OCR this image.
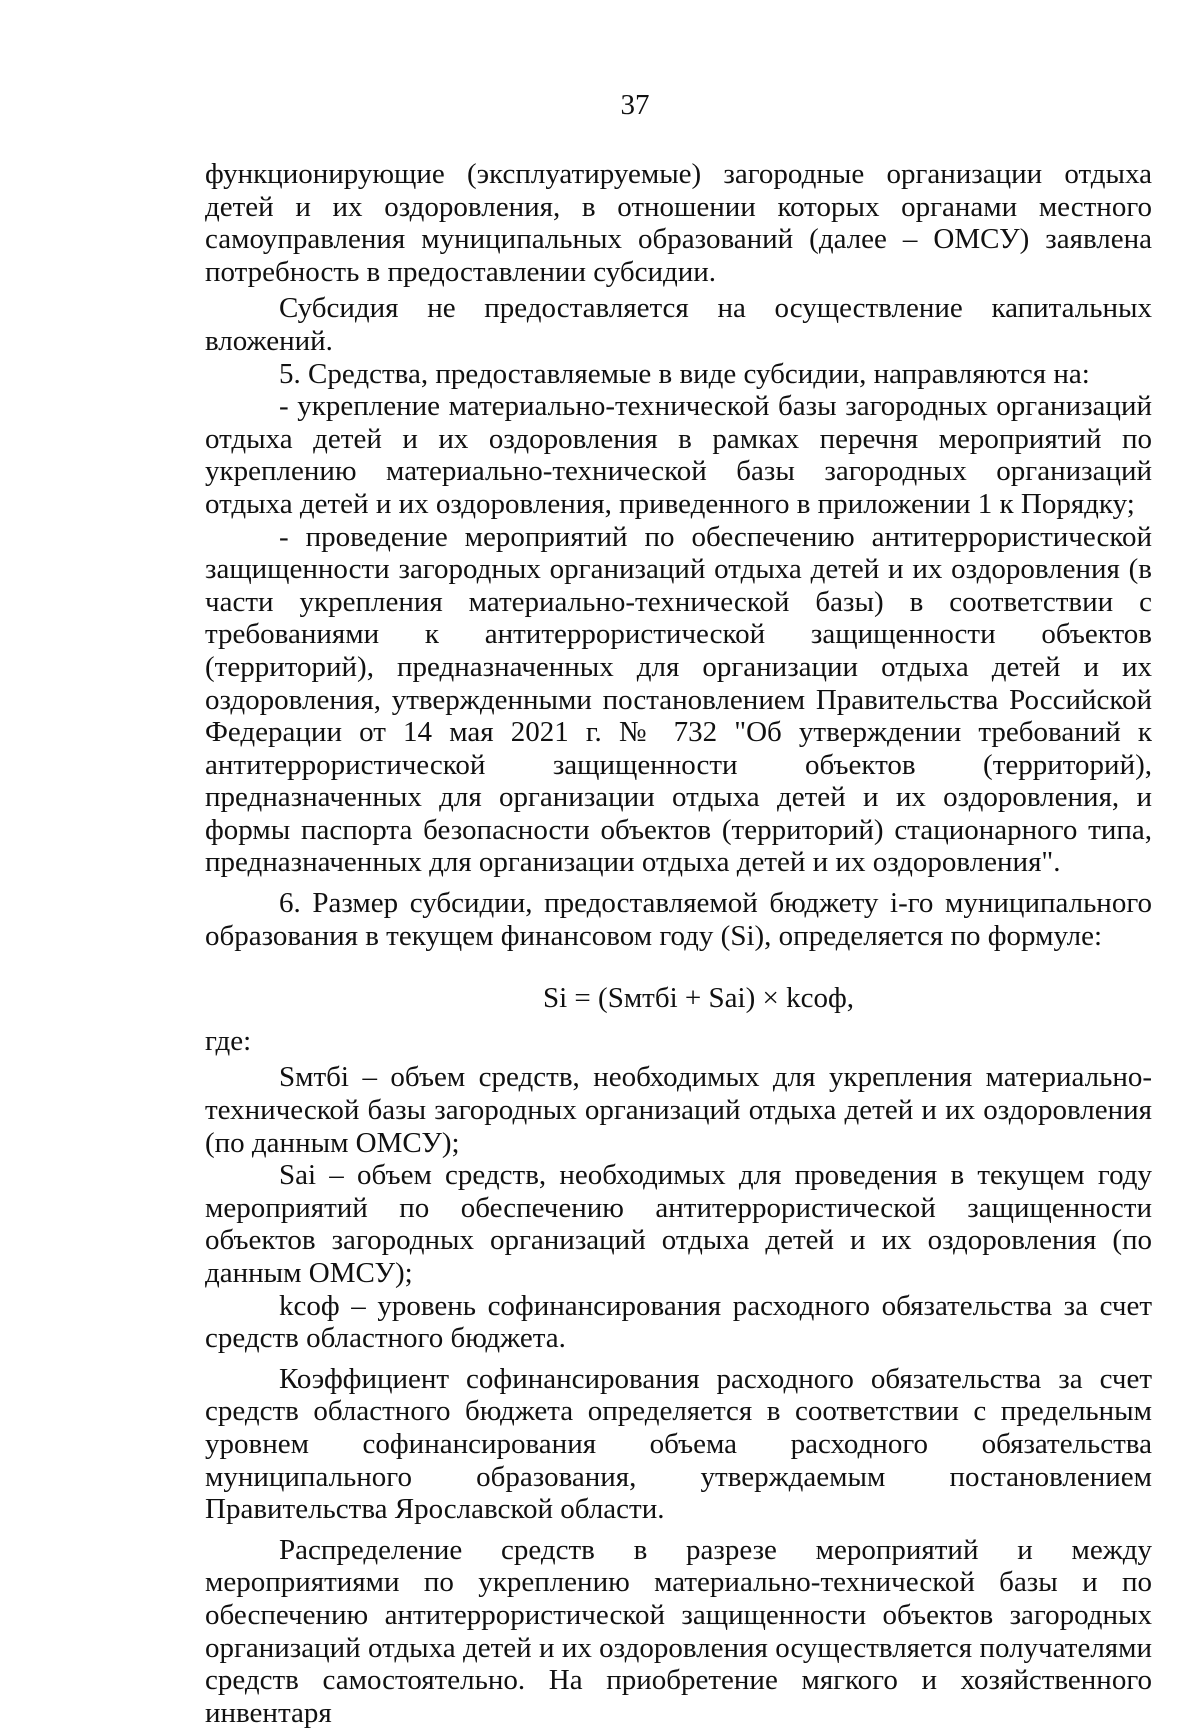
37

функционирующие (эксплуатируемые) загородные организации отдыха детей и их оздоровления, в отношении которых органами местного самоуправления муниципальных образований (далее – ОМСУ) заявлена потребность в предоставлении субсидии.

Субсидия не предоставляется на осуществление капитальных вложений.

5. Средства, предоставляемые в виде субсидии, направляются на:

- укрепление материально-технической базы загородных организаций отдыха детей и их оздоровления в рамках перечня мероприятий по укреплению материально-технической базы загородных организаций отдыха детей и их оздоровления, приведенного в приложении 1 к Порядку;

- проведение мероприятий по обеспечению антитеррористической защищенности загородных организаций отдыха детей и их оздоровления (в части укрепления материально-технической базы) в соответствии с требованиями к антитеррористической защищенности объектов (территорий), предназначенных для организации отдыха детей и их оздоровления, утвержденными постановлением Правительства Российской Федерации от 14 мая 2021 г. № 732 "Об утверждении требований к антитеррористической защищенности объектов (территорий), предназначенных для организации отдыха детей и их оздоровления, и формы паспорта безопасности объектов (территорий) стационарного типа, предназначенных для организации отдыха детей и их оздоровления".

6. Размер субсидии, предоставляемой бюджету i-го муниципального образования в текущем финансовом году (Si), определяется по формуле:

Si = (Sмтбi + Sai) × kсоф,

где:

Sмтбi – объем средств, необходимых для укрепления материально-технической базы загородных организаций отдыха детей и их оздоровления (по данным ОМСУ);

Sai – объем средств, необходимых для проведения в текущем году мероприятий по обеспечению антитеррористической защищенности объектов загородных организаций отдыха детей и их оздоровления (по данным ОМСУ);

kсоф – уровень софинансирования расходного обязательства за счет средств областного бюджета.

Коэффициент софинансирования расходного обязательства за счет средств областного бюджета определяется в соответствии с предельным уровнем софинансирования объема расходного обязательства муниципального образования, утверждаемым постановлением Правительства Ярославской области.

Распределение средств в разрезе мероприятий и между мероприятиями по укреплению материально-технической базы и по обеспечению антитеррористической защищенности объектов загородных организаций отдыха детей и их оздоровления осуществляется получателями средств самостоятельно. На приобретение мягкого и хозяйственного инвентаря
